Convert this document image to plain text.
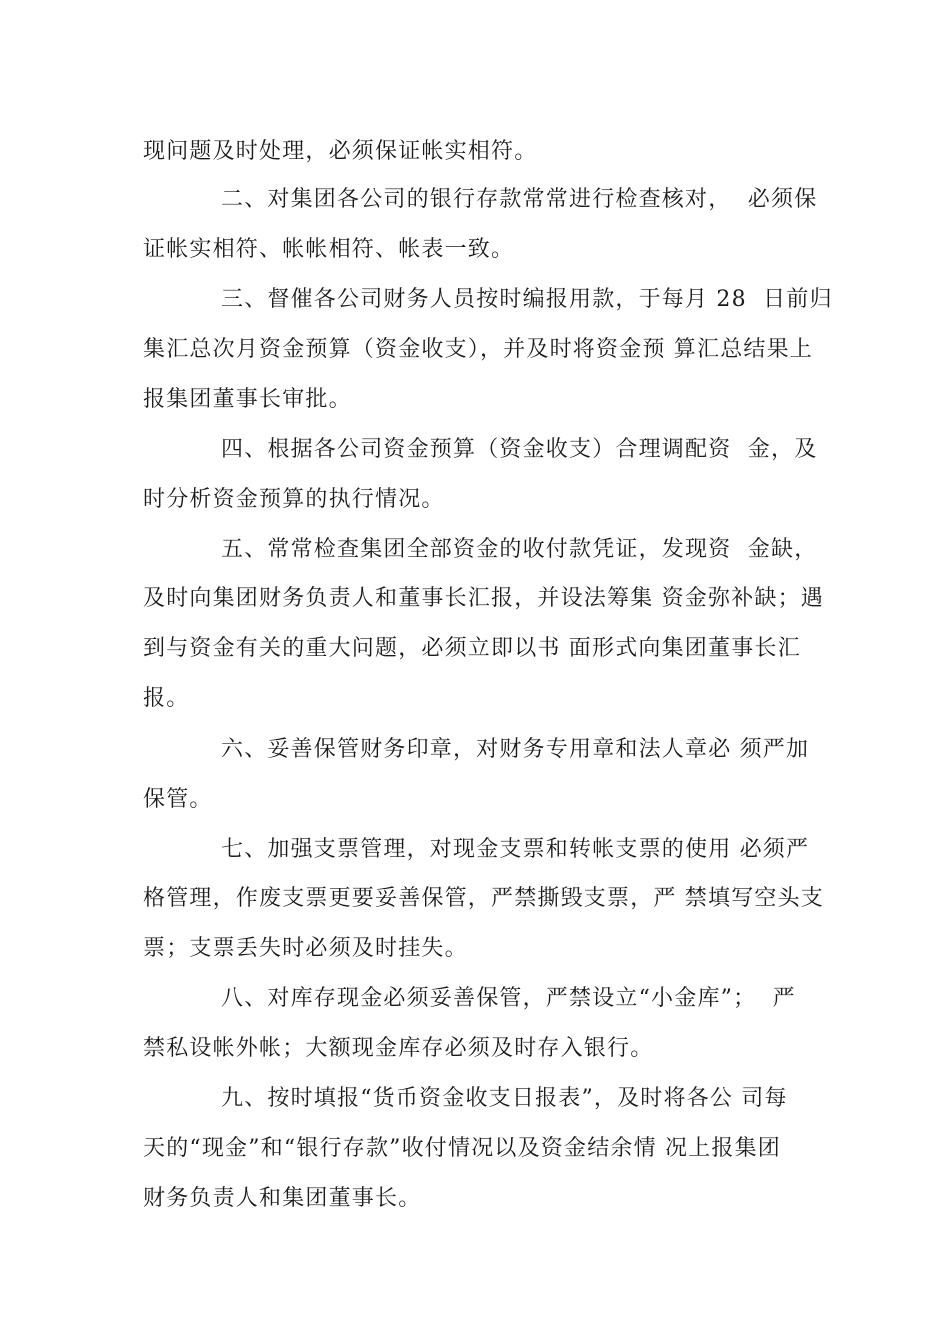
现问题及时处理，必须保证帐实相符。
二、对集团各公司的银行存款常常进行检查核对，  必须保
证帐实相符、帐帐相符、帐表一致。
三、督催各公司财务人员按时编报用款，于每月 28  日前归
集汇总次月资金预算（资金收支），并及时将资金预 算汇总结果上
报集团董事长审批。
四、根据各公司资金预算（资金收支）合理调配资  金，及
时分析资金预算的执行情况。
五、常常检查集团全部资金的收付款凭证，发现资  金缺，
及时向集团财务负责人和董事长汇报，并设法筹集 资金弥补缺；遇
到与资金有关的重大问题，必须立即以书 面形式向集团董事长汇
报。
六、妥善保管财务印章，对财务专用章和法人章必 须严加
保管。
七、加强支票管理，对现金支票和转帐支票的使用 必须严
格管理，作废支票更要妥善保管，严禁撕毁支票，严 禁填写空头支
票；支票丢失时必须及时挂失。
八、对库存现金必须妥善保管，严禁设立“小金库”；  严
禁私设帐外帐；大额现金库存必须及时存入银行。
九、按时填报“货币资金收支日报表”，及时将各公 司每
天的“现金”和“银行存款”收付情况以及资金结余情 况上报集团
财务负责人和集团董事长。
